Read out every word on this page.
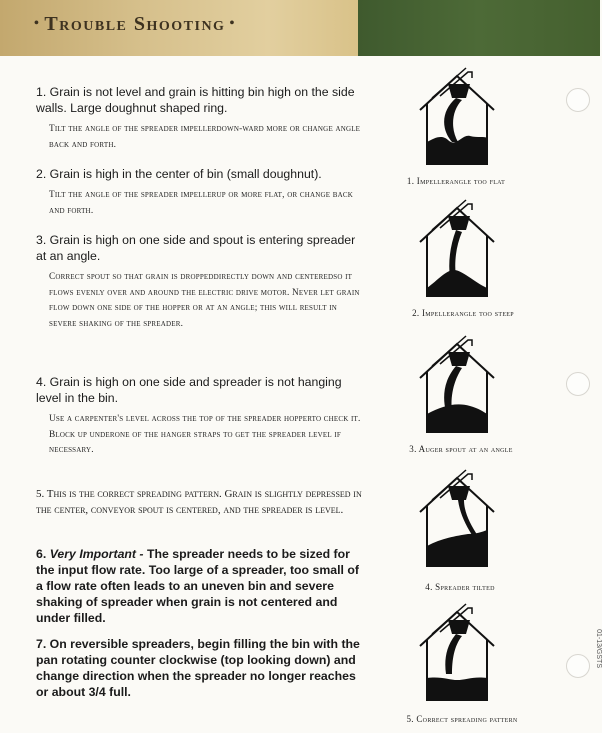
• Trouble Shooting •

1. Grain is not level and grain is hitting bin high on the side walls. Large doughnut shaped ring.

Tilt the angle of the spreader impellerdown-ward more or change angle back and forth.

2. Grain is high in the center of bin (small doughnut).

Tilt the angle of the spreader impellerup or more flat, or change back and forth.

3. Grain is high on one side and spout is entering spreader at an angle.

Correct spout so that grain is droppeddirectly down and centeredso it flows evenly over and around the electric drive motor. Never let grain flow down one side of the hopper or at an angle; this will result in severe shaking of the spreader.

4. Grain is high on one side and spreader is not hanging level in the bin.

Use a carpenter's level across the top of the spreader hopperto check it. Block up underone of the hanger straps to get the spreader level if necessary.

5. This is the correct spreading pattern. Grain is slightly depressed in the center, conveyor spout is centered, and the spreader is level.

6. Very Important - The spreader needs to be sized for the input flow rate. Too large of a spreader, too small of a flow rate often leads to an uneven bin and severe shaking of spreader when grain is not centered and under filled.

7. On reversible spreaders, begin filling the bin with the pan rotating counter clockwise (top looking down) and change direction when the spreader no longer reaches or about 3/4 full.

1. Impellerangle too flat
2. Impellerangle too steep
3. Auger spout at an angle
4. Spreader tilted
5. Correct spreading pattern
01-13/GSTS
